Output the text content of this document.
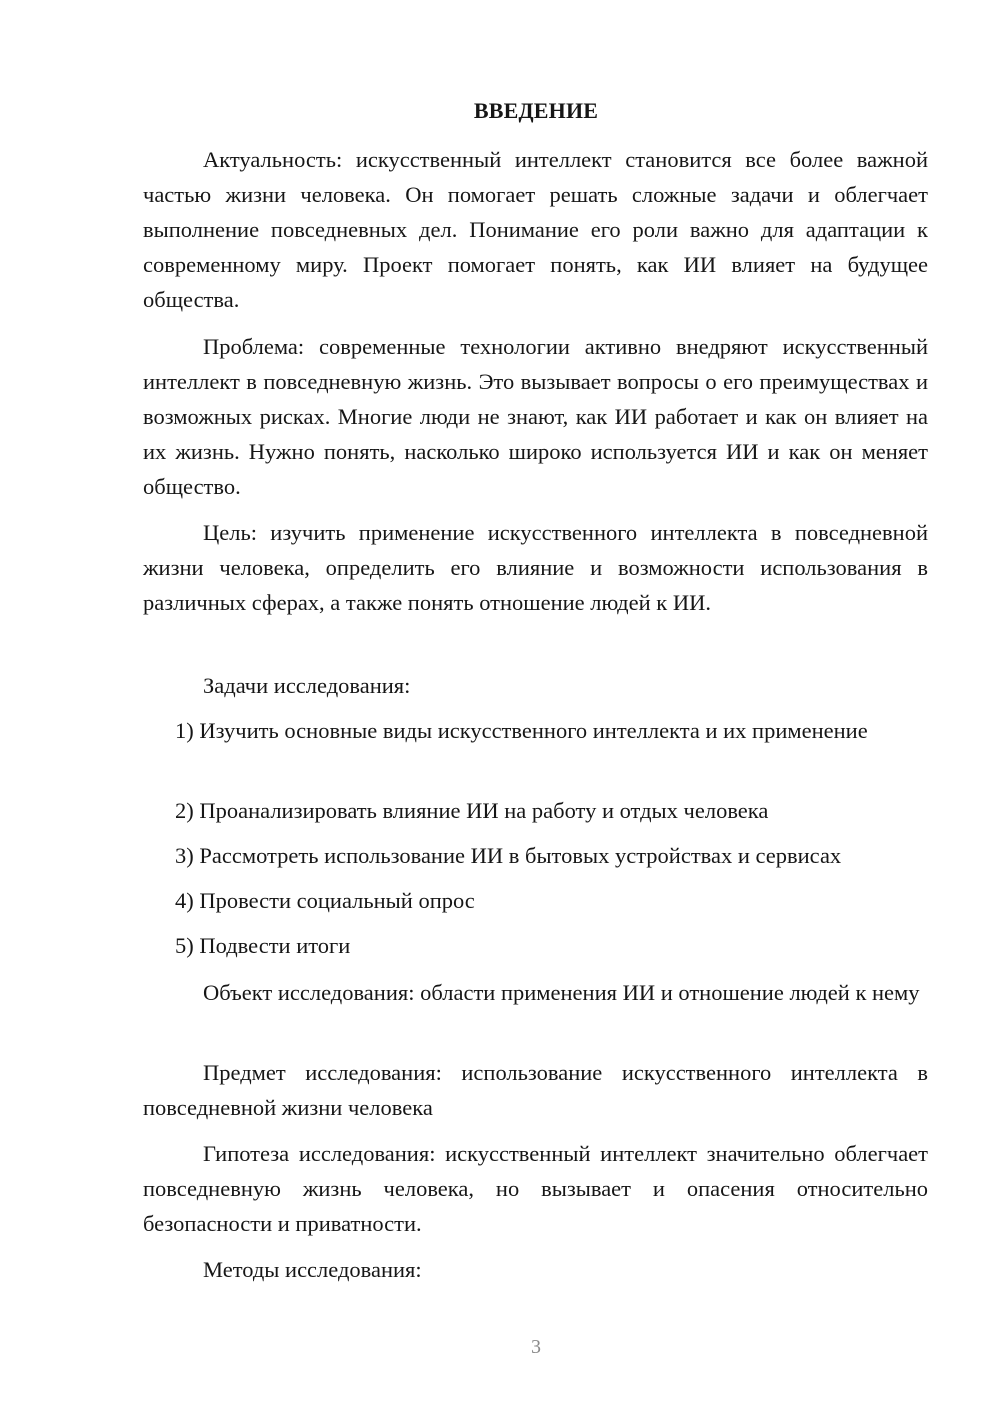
ВВЕДЕНИЕ

Актуальность: искусственный интеллект становится все более важной частью жизни человека. Он помогает решать сложные задачи и облегчает выполнение повседневных дел. Понимание его роли важно для адаптации к современному миру. Проект помогает понять, как ИИ влияет на будущее общества.

Проблема: современные технологии активно внедряют искусственный интеллект в повседневную жизнь. Это вызывает вопросы о его преимуществах и возможных рисках. Многие люди не знают, как ИИ работает и как он влияет на их жизнь. Нужно понять, насколько широко используется ИИ и как он меняет общество.

Цель: изучить применение искусственного интеллекта в повседневной жизни человека, определить его влияние и возможности использования в различных сферах, а также понять отношение людей к ИИ.

Задачи исследования:

1) Изучить основные виды искусственного интеллекта и их применение

2) Проанализировать влияние ИИ на работу и отдых человека

3) Рассмотреть использование ИИ в бытовых устройствах и сервисах

4) Провести социальный опрос

5) Подвести итоги

Объект исследования: области применения ИИ и отношение людей к нему

Предмет исследования: использование искусственного интеллекта в повседневной жизни человека

Гипотеза исследования: искусственный интеллект значительно облегчает повседневную жизнь человека, но вызывает и опасения относительно безопасности и приватности.

Методы исследования:

3
